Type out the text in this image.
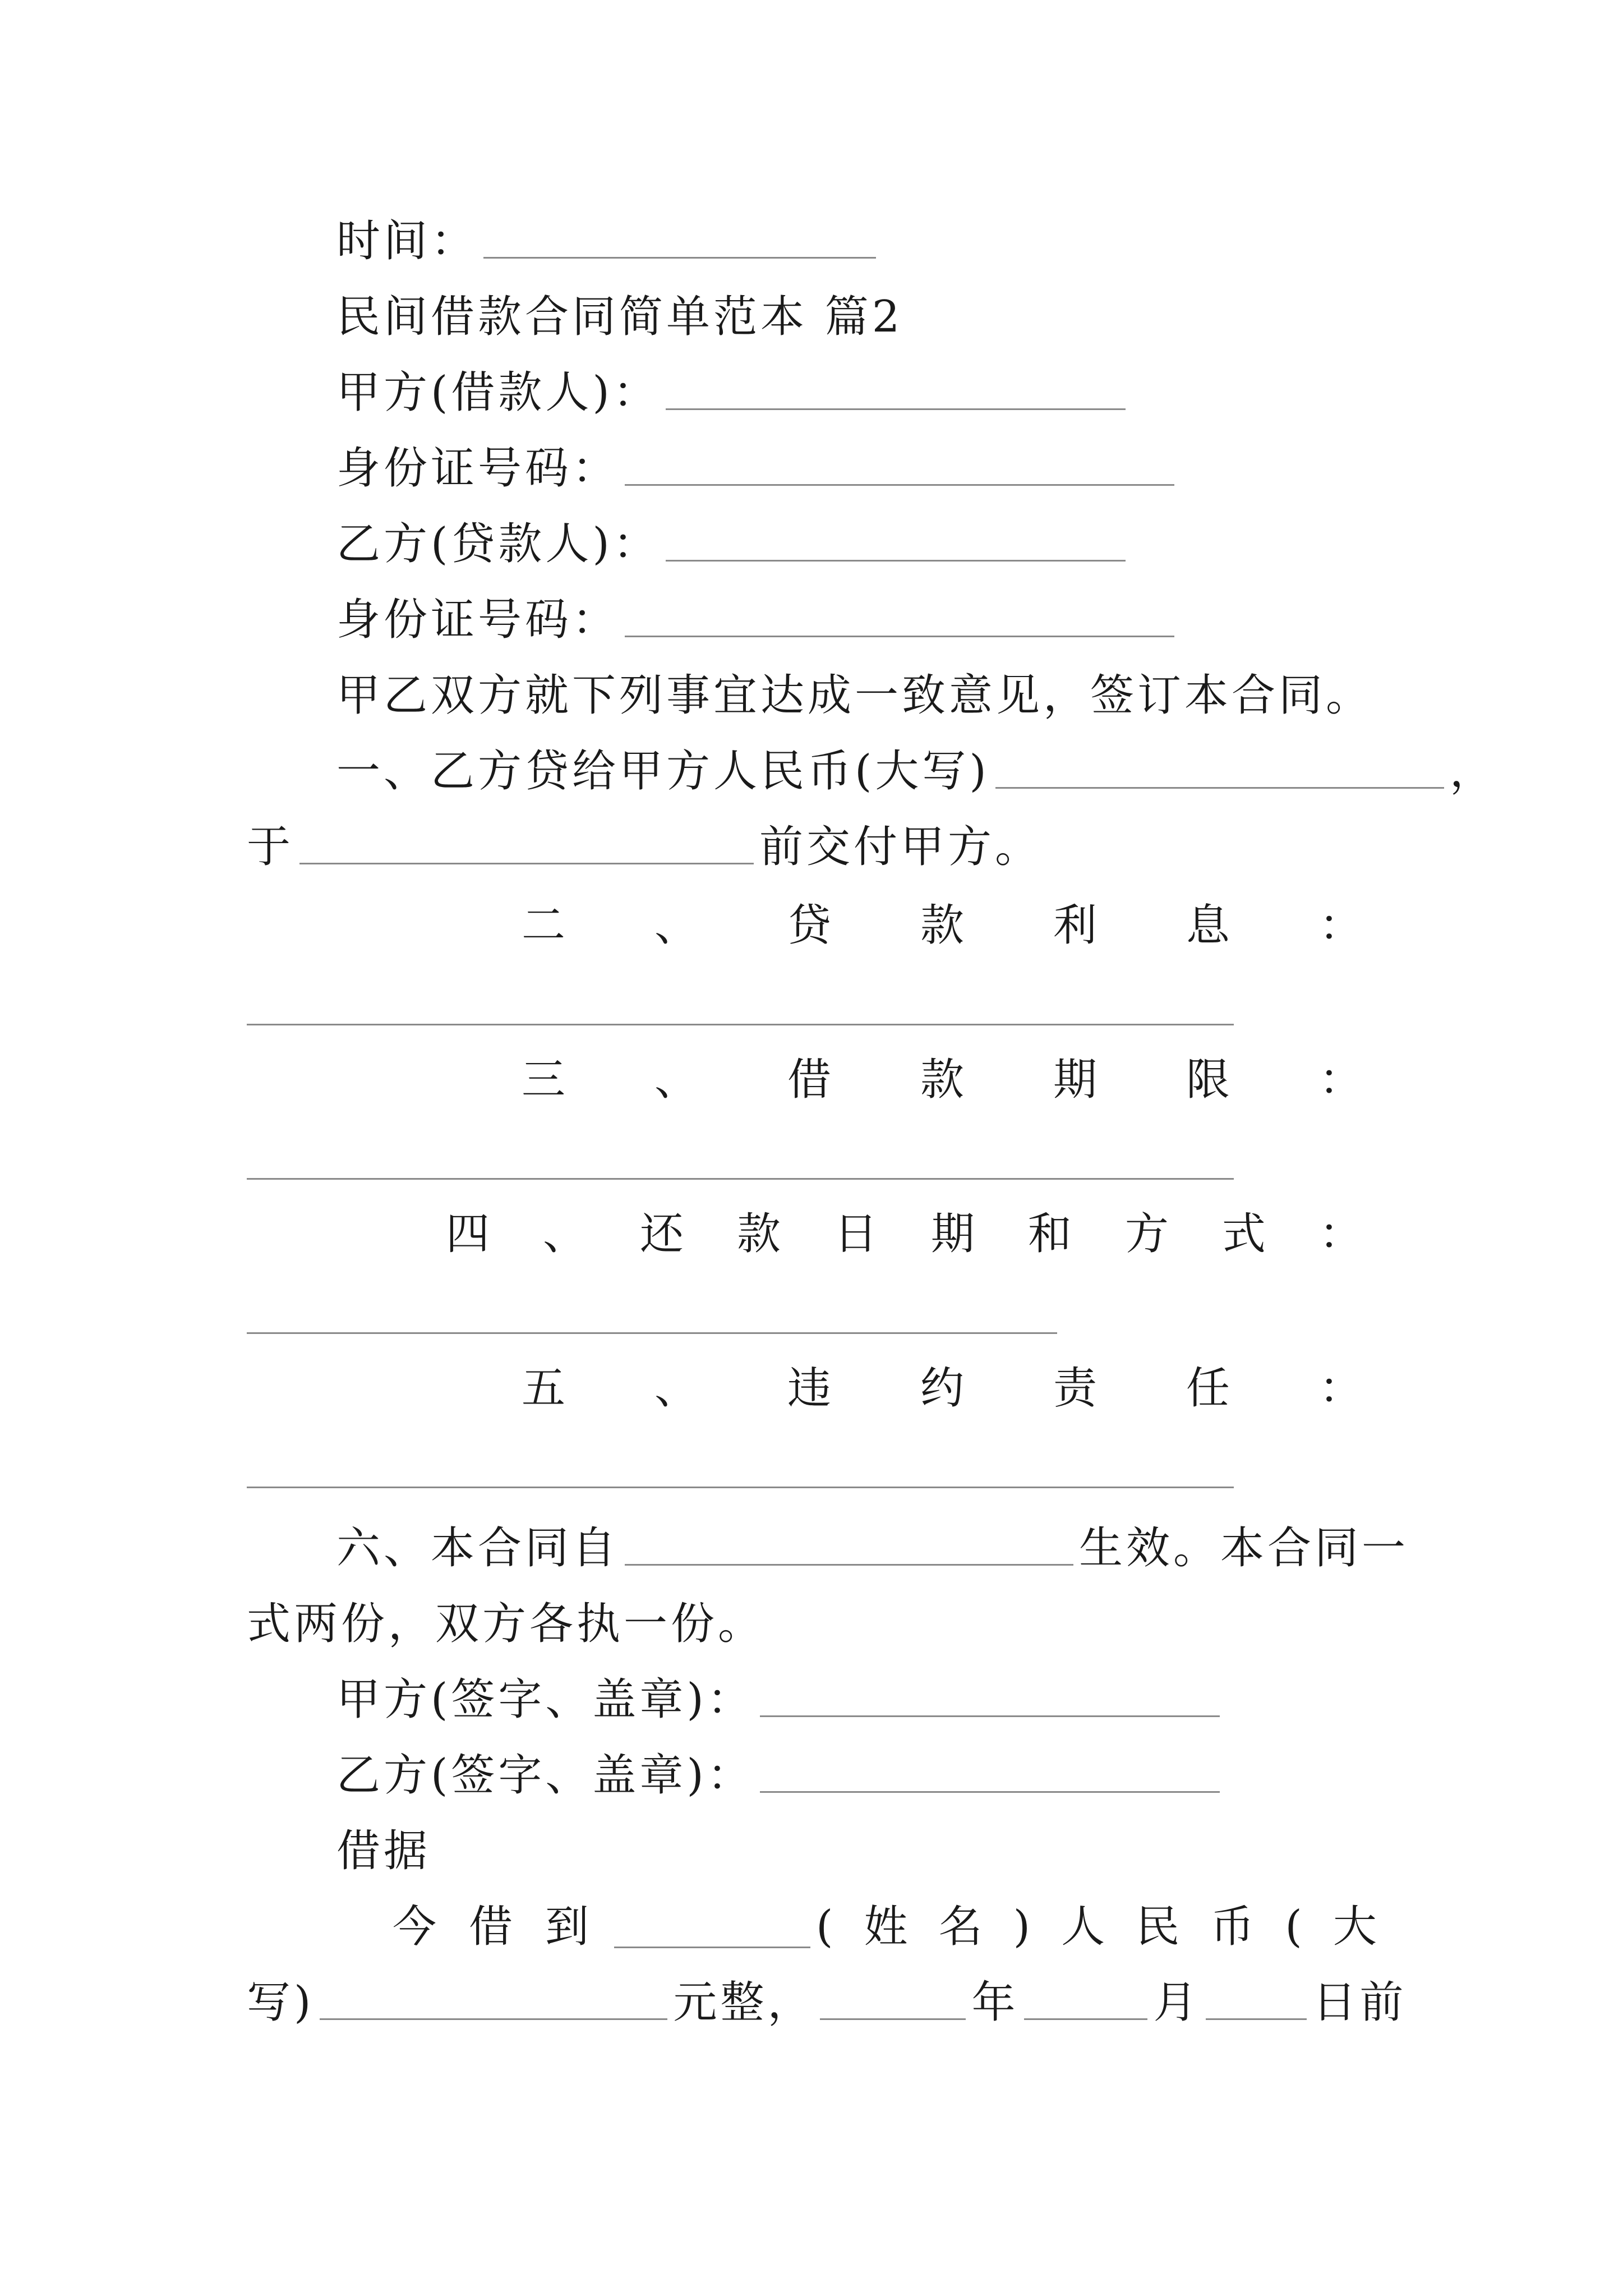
时间：
民间借款合同简单范本 篇2
甲方(借款人)：
身份证号码：
乙方(贷款人)：
身份证号码：
甲乙双方就下列事宜达成一致意见，签订本合同。
一、乙方贷给甲方人民币(大写)	，
于	前交付甲方。
二 、 贷 款 利 息 ：
三 、 借 款 期 限 ：
四 、 还 款 日 期 和 方 式 ：
五 、 违 约 责 任 ：
六、本合同自	生效。本合同一
式两份，双方各执一份。
甲方(签字、盖章)：
乙方(签字、盖章)：
借据
今 借 到	( 姓 名 ) 人 民 币 ( 大
写)	元整，	年	月	日前
